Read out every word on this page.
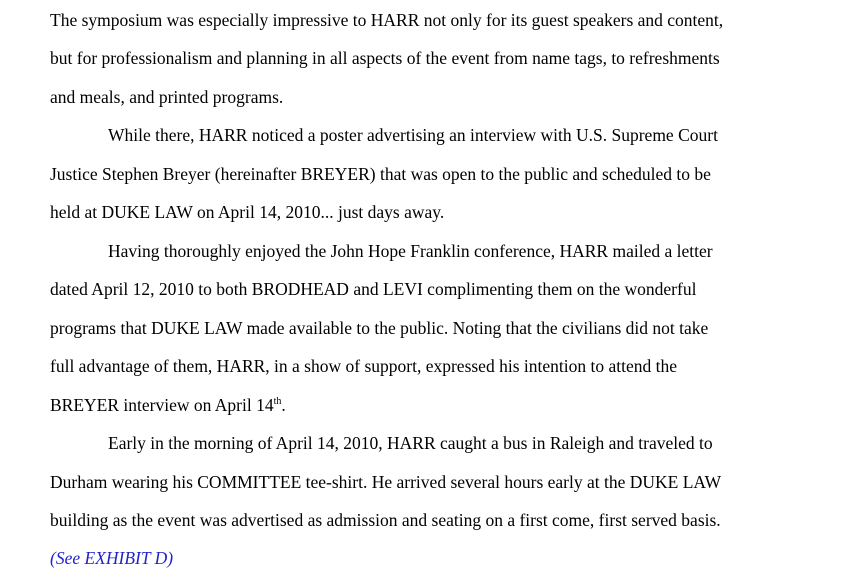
The symposium was especially impressive to HARR not only for its guest speakers and content,
but for professionalism and planning in all aspects of the event from name tags, to refreshments
and meals, and printed programs.
While there, HARR noticed a poster advertising an interview with U.S. Supreme Court
Justice Stephen Breyer (hereinafter BREYER) that was open to the public and scheduled to be
held at DUKE LAW on April 14, 2010... just days away.
Having thoroughly enjoyed the John Hope Franklin conference, HARR mailed a letter
dated April 12, 2010 to both BRODHEAD and LEVI complimenting them on the wonderful
programs that DUKE LAW made available to the public. Noting that the civilians did not take
full advantage of them, HARR, in a show of support, expressed his intention to attend the
BREYER interview on April 14th.
Early in the morning of April 14, 2010, HARR caught a bus in Raleigh and traveled to
Durham wearing his COMMITTEE tee-shirt. He arrived several hours early at the DUKE LAW
building as the event was advertised as admission and seating on a first come, first served basis.
(See EXHIBIT D)
